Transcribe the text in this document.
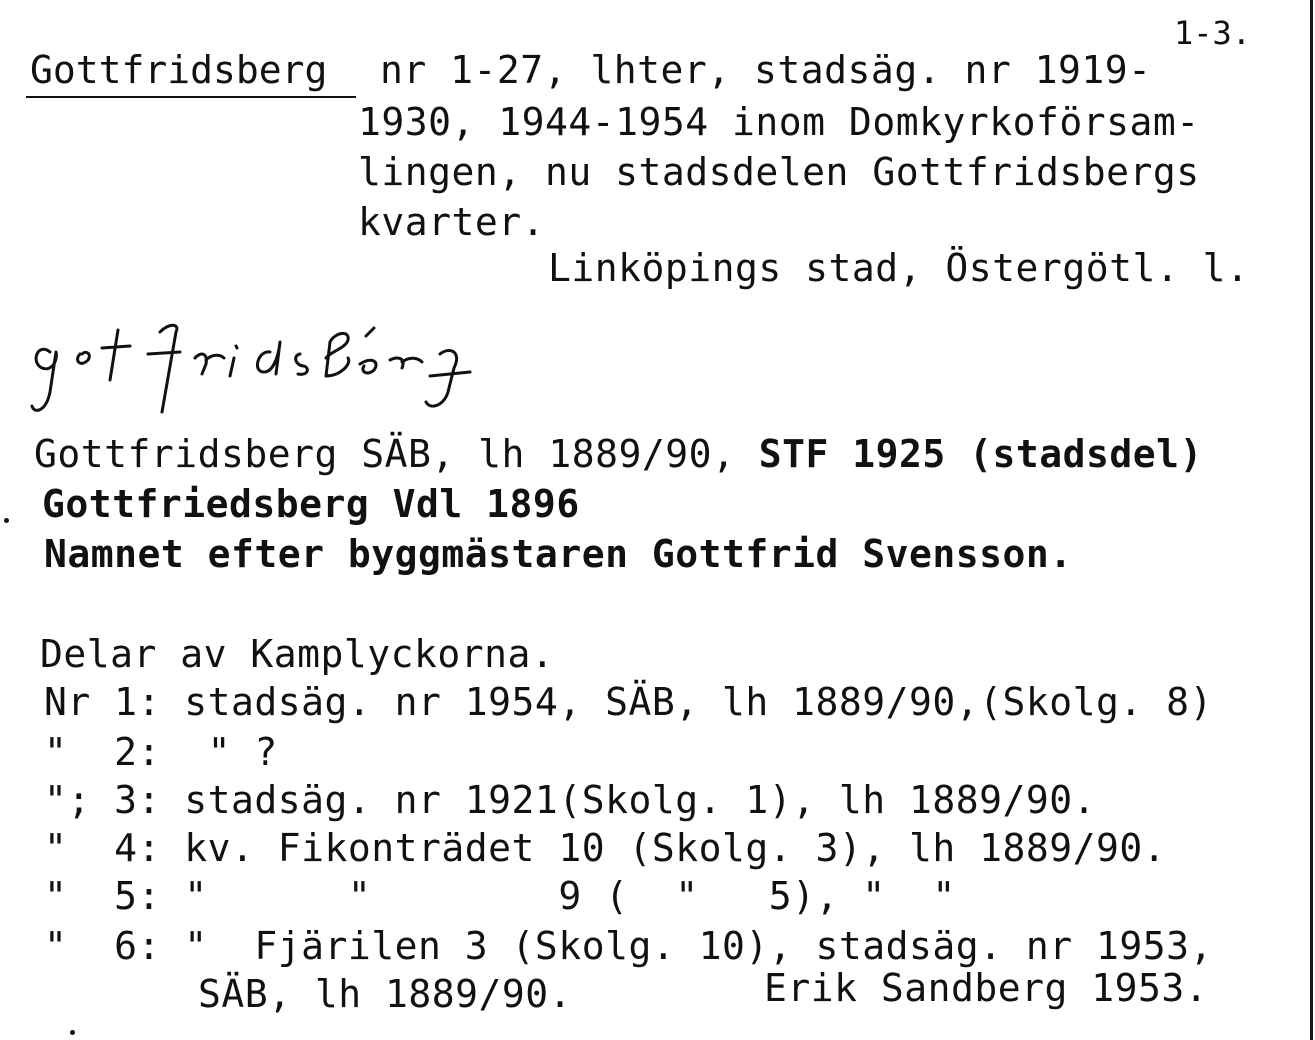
1-3.
Gottfridsberg nr 1-27, lhter, stadsäg. nr 1919-
1930, 1944-1954 inom Domkyrkoförsam-
lingen, nu stadsdelen Gottfridsbergs
kvarter.
Linköpings stad, Östergötl. l.
Gottfridsberg SÄB, lh 1889/90, STF 1925 (stadsdel)
Gottfriedsberg Vdl 1896
Namnet efter byggmästaren Gottfrid Svensson.
Delar av Kamplyckorna.
Nr 1: stadsäg. nr 1954, SÄB, lh 1889/90,(Skolg. 8)
"  2:  " ?
"; 3: stadsäg. nr 1921(Skolg. 1), lh 1889/90.
"  4: kv. Fikonträdet 10 (Skolg. 3), lh 1889/90.
"  5: "      "        9 (  "   5), "  "
"  6: "  Fjärilen 3 (Skolg. 10), stadsäg. nr 1953,
SÄB, lh 1889/90.	Erik Sandberg 1953.
